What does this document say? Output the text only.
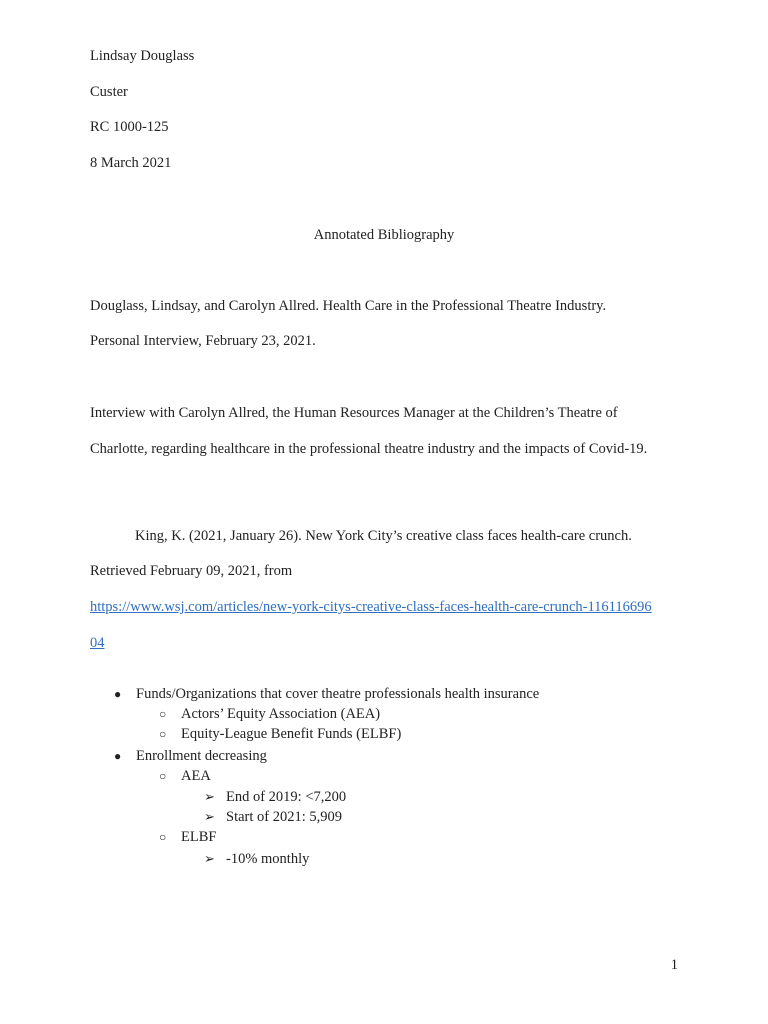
Lindsay Douglass
Custer
RC 1000-125
8 March 2021
Annotated Bibliography
Douglass, Lindsay, and Carolyn Allred. Health Care in the Professional Theatre Industry.
Personal Interview, February 23, 2021.
Interview with Carolyn Allred, the Human Resources Manager at the Children’s Theatre of
Charlotte, regarding healthcare in the professional theatre industry and the impacts of Covid-19.
King, K. (2021, January 26). New York City’s creative class faces health-care crunch.
Retrieved February 09, 2021, from
https://www.wsj.com/articles/new-york-citys-creative-class-faces-health-care-crunch-116116696
04
●	Funds/Organizations that cover theatre professionals health insurance
○	Actors’ Equity Association (AEA)
○	Equity-League Benefit Funds (ELBF)
●	Enrollment decreasing
○	AEA
➢ End of 2019: <7,200
➢ Start of 2021: 5,909
○	ELBF
➢ -10% monthly
1
